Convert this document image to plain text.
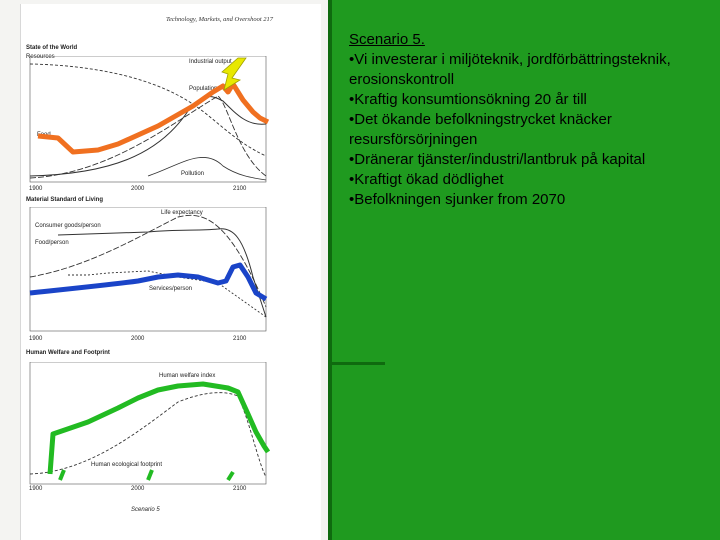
Technology, Markets, and Overshoot 217
State of the World
Resources
Industrial output
Population
Food
Pollution
1900	2000	2100
Material Standard of Living
Life expectancy
Consumer goods/person
Food/person
Services/person
1900	2000	2100
Human Welfare and Footprint
Human welfare index
Human ecological footprint
1900	2000	2100
Scenario 5

Scenario 5.

•Vi investerar i miljöteknik, jordförbättringsteknik, erosionskontroll

•Kraftig konsumtionsökning 20 år till

•Det ökande befolkningstrycket knäcker resursförsörjningen

•Dränerar tjänster/industri/lantbruk på kapital

•Kraftigt ökad dödlighet

•Befolkningen sjunker from 2070
